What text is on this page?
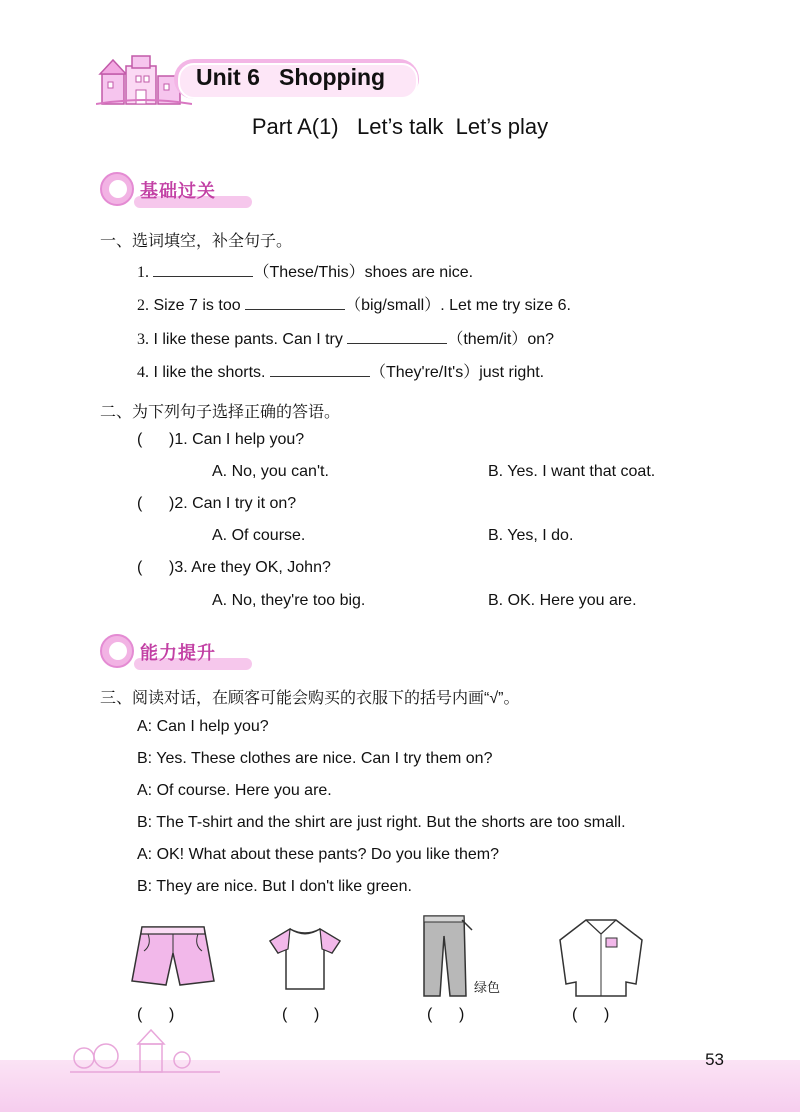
Unit 6   Shopping
Part A(1)   Let’s talk  Let’s play
基础过关
一、选词填空，补全句子。
1.	（These/This）shoes are nice.
2. Size 7 is too	（big/small）. Let me try size 6.
3. I like these pants. Can I try	（them/it）on?
4. I like the shorts.	（They're/It's）just right.
二、为下列句子选择正确的答语。
(      )1. Can I help you?
A. No, you can't.	B. Yes. I want that coat.
(      )2. Can I try it on?
A. Of course.	B. Yes, I do.
(      )3. Are they OK, John?
A. No, they're too big.	B. OK. Here you are.
能力提升
三、阅读对话，在顾客可能会购买的衣服下的括号内画“√”。
A: Can I help you?
B: Yes. These clothes are nice. Can I try them on?
A: Of course. Here you are.
B: The T-shirt and the shirt are just right. But the shorts are too small.
A: OK! What about these pants? Do you like them?
B: They are nice. But I don't like green.
绿色
(      )	(      )	(      )	(      )
53
